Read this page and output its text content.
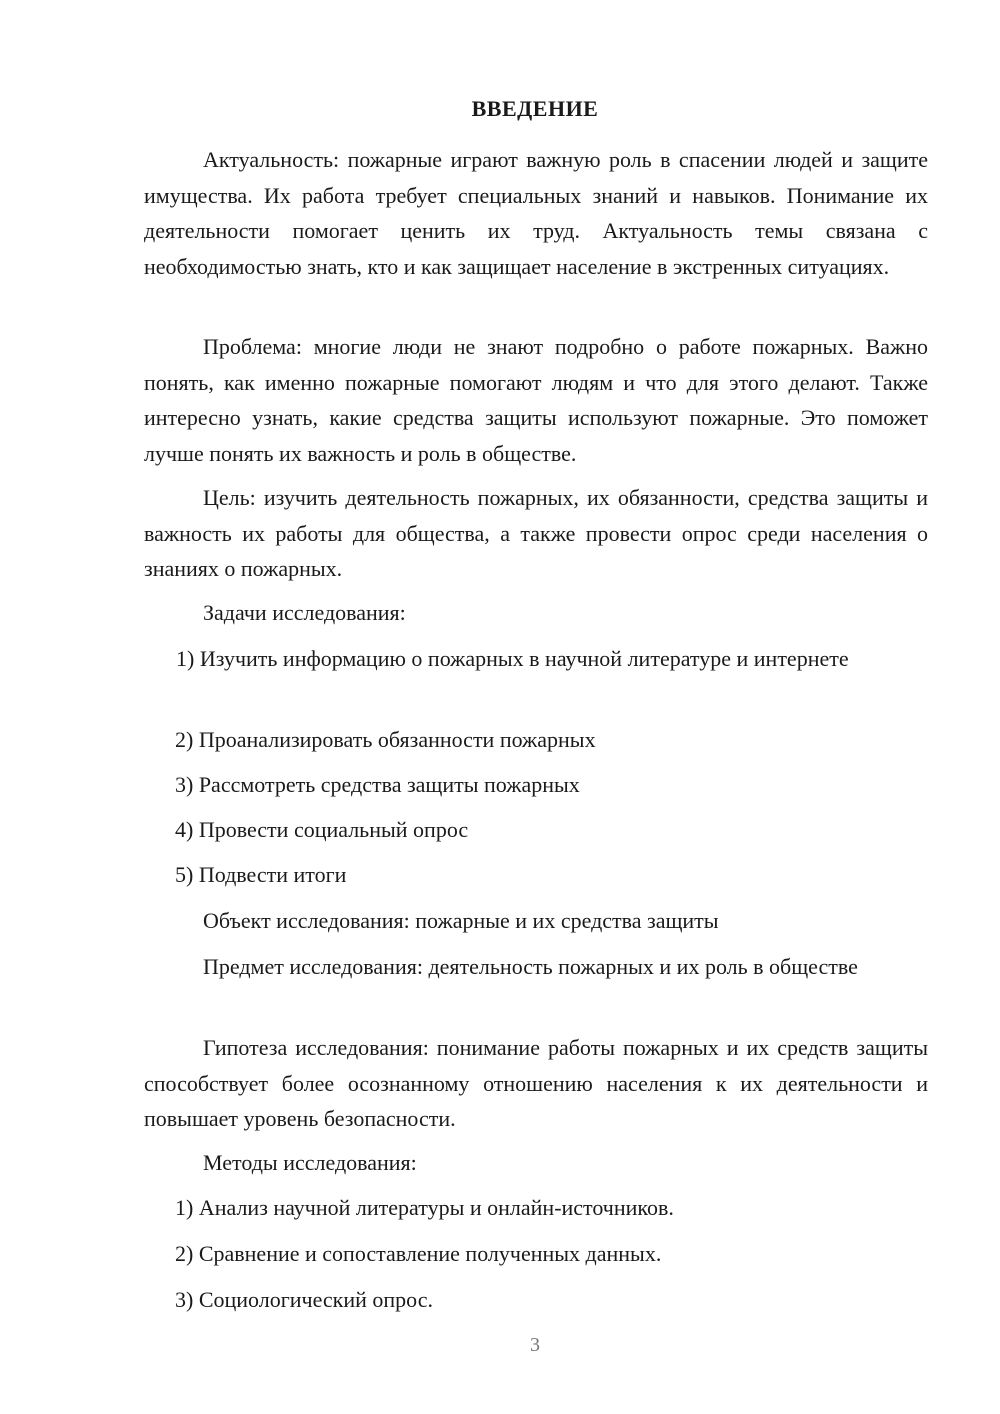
ВВЕДЕНИЕ

Актуальность: пожарные играют важную роль в спасении людей и защите имущества. Их работа требует специальных знаний и навыков. Понимание их деятельности помогает ценить их труд. Актуальность темы связана с необходимостью знать, кто и как защищает население в экстренных ситуациях.

Проблема: многие люди не знают подробно о работе пожарных. Важно понять, как именно пожарные помогают людям и что для этого делают. Также интересно узнать, какие средства защиты используют пожарные. Это поможет лучше понять их важность и роль в обществе.

Цель: изучить деятельность пожарных, их обязанности, средства защиты и важность их работы для общества, а также провести опрос среди населения о знаниях о пожарных.

Задачи исследования:

1) Изучить информацию о пожарных в научной литературе и интернете

2) Проанализировать обязанности пожарных

3) Рассмотреть средства защиты пожарных

4) Провести социальный опрос

5) Подвести итоги

Объект исследования: пожарные и их средства защиты

Предмет исследования: деятельность пожарных и их роль в обществе

Гипотеза исследования: понимание работы пожарных и их средств защиты способствует более осознанному отношению населения к их деятельности и повышает уровень безопасности.

Методы исследования:

1) Анализ научной литературы и онлайн-источников.

2) Сравнение и сопоставление полученных данных.

3) Социологический опрос.

3
